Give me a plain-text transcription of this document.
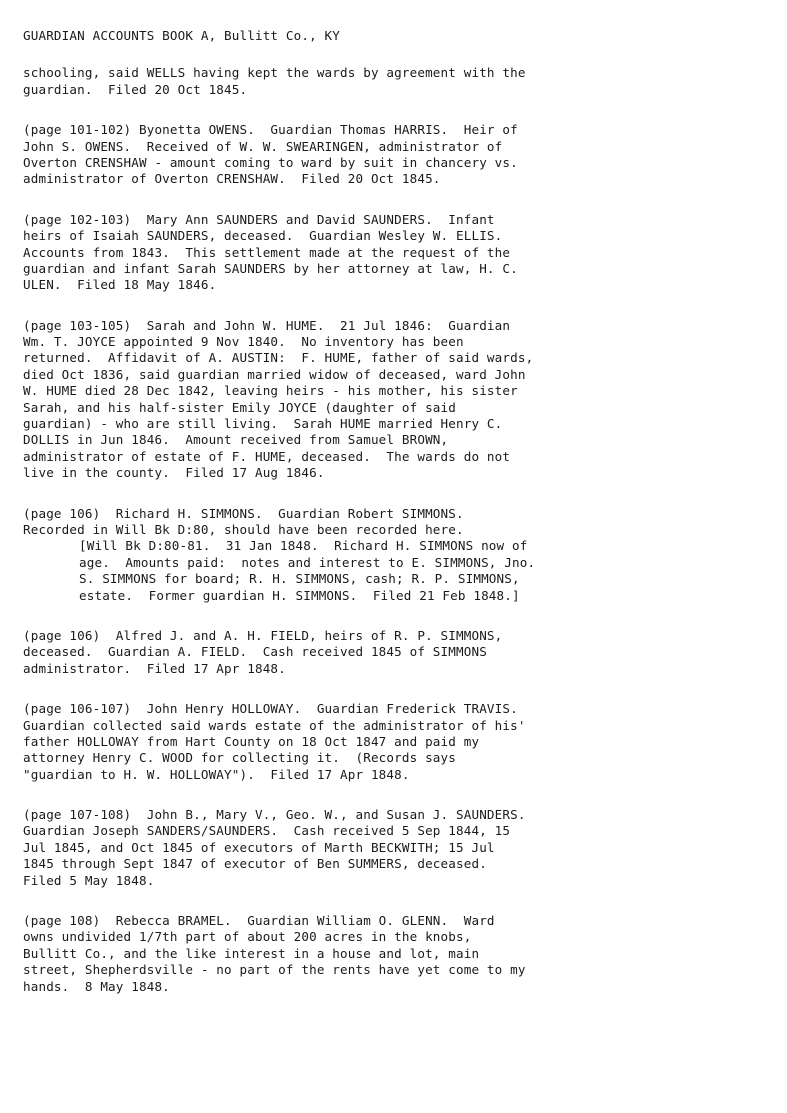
GUARDIAN ACCOUNTS BOOK A, Bullitt Co., KY
schooling, said WELLS having kept the wards by agreement with the
guardian.  Filed 20 Oct 1845.
(page 101-102) Byonetta OWENS.  Guardian Thomas HARRIS.  Heir of
John S. OWENS.  Received of W. W. SWEARINGEN, administrator of
Overton CRENSHAW - amount coming to ward by suit in chancery vs.
administrator of Overton CRENSHAW.  Filed 20 Oct 1845.
(page 102-103)  Mary Ann SAUNDERS and David SAUNDERS.  Infant
heirs of Isaiah SAUNDERS, deceased.  Guardian Wesley W. ELLIS.
Accounts from 1843.  This settlement made at the request of the
guardian and infant Sarah SAUNDERS by her attorney at law, H. C.
ULEN.  Filed 18 May 1846.
(page 103-105)  Sarah and John W. HUME.  21 Jul 1846:  Guardian
Wm. T. JOYCE appointed 9 Nov 1840.  No inventory has been
returned.  Affidavit of A. AUSTIN:  F. HUME, father of said wards,
died Oct 1836, said guardian married widow of deceased, ward John
W. HUME died 28 Dec 1842, leaving heirs - his mother, his sister
Sarah, and his half-sister Emily JOYCE (daughter of said
guardian) - who are still living.  Sarah HUME married Henry C.
DOLLIS in Jun 1846.  Amount received from Samuel BROWN,
administrator of estate of F. HUME, deceased.  The wards do not
live in the county.  Filed 17 Aug 1846.
(page 106)  Richard H. SIMMONS.  Guardian Robert SIMMONS.
Recorded in Will Bk D:80, should have been recorded here.
[Will Bk D:80-81.  31 Jan 1848.  Richard H. SIMMONS now of
age.  Amounts paid:  notes and interest to E. SIMMONS, Jno.
S. SIMMONS for board; R. H. SIMMONS, cash; R. P. SIMMONS,
estate.  Former guardian H. SIMMONS.  Filed 21 Feb 1848.]
(page 106)  Alfred J. and A. H. FIELD, heirs of R. P. SIMMONS,
deceased.  Guardian A. FIELD.  Cash received 1845 of SIMMONS
administrator.  Filed 17 Apr 1848.
(page 106-107)  John Henry HOLLOWAY.  Guardian Frederick TRAVIS.
Guardian collected said wards estate of the administrator of his'
father HOLLOWAY from Hart County on 18 Oct 1847 and paid my
attorney Henry C. WOOD for collecting it.  (Records says
"guardian to H. W. HOLLOWAY").  Filed 17 Apr 1848.
(page 107-108)  John B., Mary V., Geo. W., and Susan J. SAUNDERS.
Guardian Joseph SANDERS/SAUNDERS.  Cash received 5 Sep 1844, 15
Jul 1845, and Oct 1845 of executors of Marth BECKWITH; 15 Jul
1845 through Sept 1847 of executor of Ben SUMMERS, deceased.
Filed 5 May 1848.
(page 108)  Rebecca BRAMEL.  Guardian William O. GLENN.  Ward
owns undivided 1/7th part of about 200 acres in the knobs,
Bullitt Co., and the like interest in a house and lot, main
street, Shepherdsville - no part of the rents have yet come to my
hands.  8 May 1848.
